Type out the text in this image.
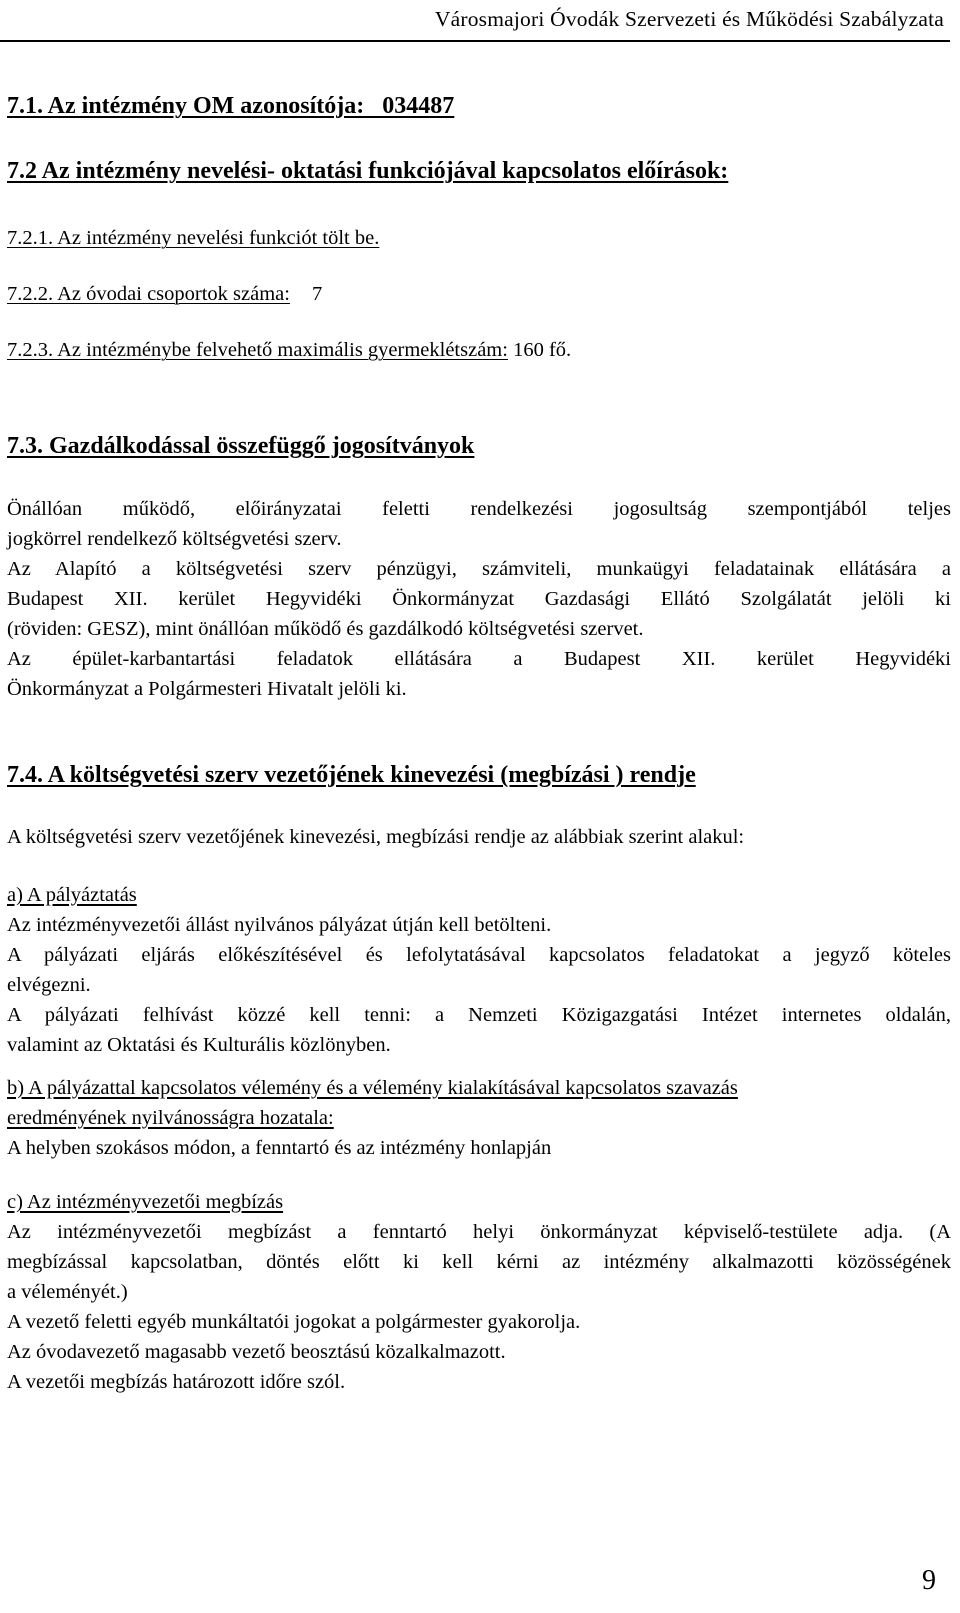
Városmajori Óvodák Szervezeti és Működési Szabályzata
7.1. Az intézmény OM azonosítója:   034487
7.2 Az intézmény nevelési- oktatási funkciójával kapcsolatos előírások:
7.2.1. Az intézmény nevelési funkciót tölt be.
7.2.2. Az óvodai csoportok száma: 7
7.2.3. Az intézménybe felvehető maximális gyermeklétszám: 160 fő.
7.3. Gazdálkodással összefüggő jogosítványok
Önállóan működő, előirányzatai feletti rendelkezési jogosultság szempontjából teljes
jogkörrel rendelkező költségvetési szerv.
Az Alapító a költségvetési szerv pénzügyi, számviteli, munkaügyi feladatainak ellátására a
Budapest XII. kerület Hegyvidéki Önkormányzat Gazdasági Ellátó Szolgálatát jelöli ki
(röviden: GESZ), mint önállóan működő és gazdálkodó költségvetési szervet.
Az épület-karbantartási feladatok ellátására a Budapest XII. kerület Hegyvidéki
Önkormányzat a Polgármesteri Hivatalt jelöli ki.
7.4. A költségvetési szerv vezetőjének kinevezési (megbízási ) rendje
A költségvetési szerv vezetőjének kinevezési, megbízási rendje az alábbiak szerint alakul:
a) A pályáztatás
Az intézményvezetői állást nyilvános pályázat útján kell betölteni.
A pályázati eljárás előkészítésével és lefolytatásával kapcsolatos feladatokat a jegyző köteles
elvégezni.
A pályázati felhívást közzé kell tenni: a Nemzeti Közigazgatási Intézet internetes oldalán,
valamint az Oktatási és Kulturális közlönyben.
b) A pályázattal kapcsolatos vélemény és a vélemény kialakításával kapcsolatos szavazás
eredményének nyilvánosságra hozatala:
A helyben szokásos módon, a fenntartó és az intézmény honlapján
c) Az intézményvezetői megbízás
Az intézményvezetői megbízást a fenntartó helyi önkormányzat képviselő-testülete adja. (A
megbízással kapcsolatban, döntés előtt ki kell kérni az intézmény alkalmazotti közösségének
a véleményét.)
A vezető feletti egyéb munkáltatói jogokat a polgármester gyakorolja.
Az óvodavezető magasabb vezető beosztású közalkalmazott.
A vezetői megbízás határozott időre szól.
9
